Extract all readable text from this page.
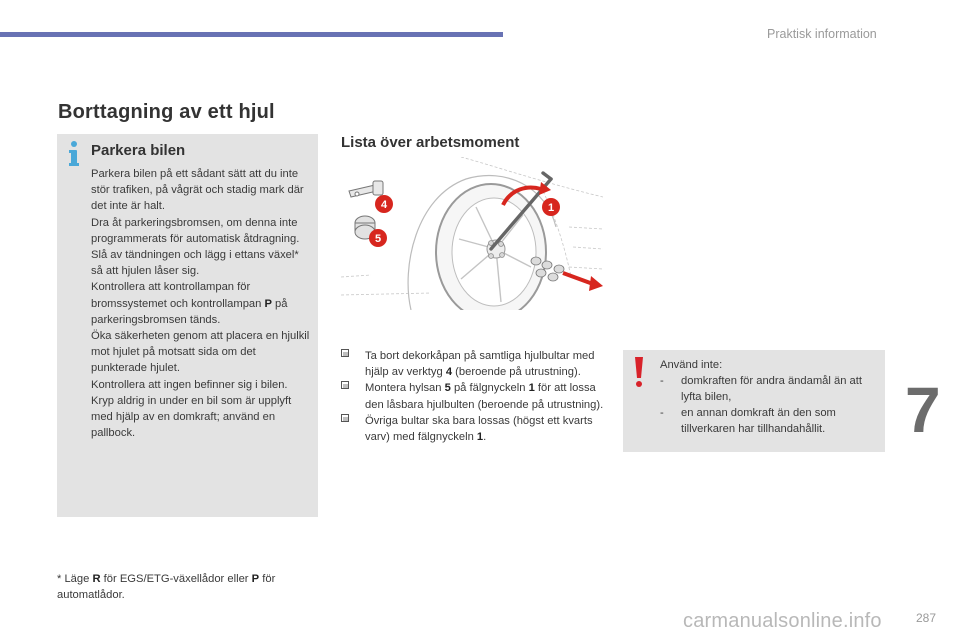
Praktisk information
7
Borttagning av ett hjul
Parkera bilen

Parkera bilen på ett sådant sätt att du inte stör trafiken, på vågrät och stadig mark där det inte är halt.

Dra åt parkeringsbromsen, om denna inte programmerats för automatisk åtdragning. Slå av tändningen och lägg i ettans växel* så att hjulen låser sig.

Kontrollera att kontrollampan för bromssystemet och kontrollampan P på parkeringsbromsen tänds.

Öka säkerheten genom att placera en hjulkil mot hjulet på motsatt sida om det punkterade hjulet.

Kontrollera att ingen befinner sig i bilen.

Kryp aldrig in under en bil som är upplyft med hjälp av en domkraft; använd en pallbock.

* Läge R för EGS/ETG-växellådor eller P för automatlådor.
Lista över arbetsmoment
1
4
5
Ta bort dekorkåpan på samtliga hjulbultar med hjälp av verktyg 4 (beroende på utrustning).
Montera hylsan 5 på fälgnyckeln 1 för att lossa den låsbara hjulbulten (beroende på utrustning).
Övriga bultar ska bara lossas (högst ett kvarts varv) med fälgnyckeln 1.
Använd inte:
- domkraften för andra ändamål än att lyfta bilen,
- en annan domkraft än den som tillverkaren har tillhandahållit.
carmanualsonline.info	287
